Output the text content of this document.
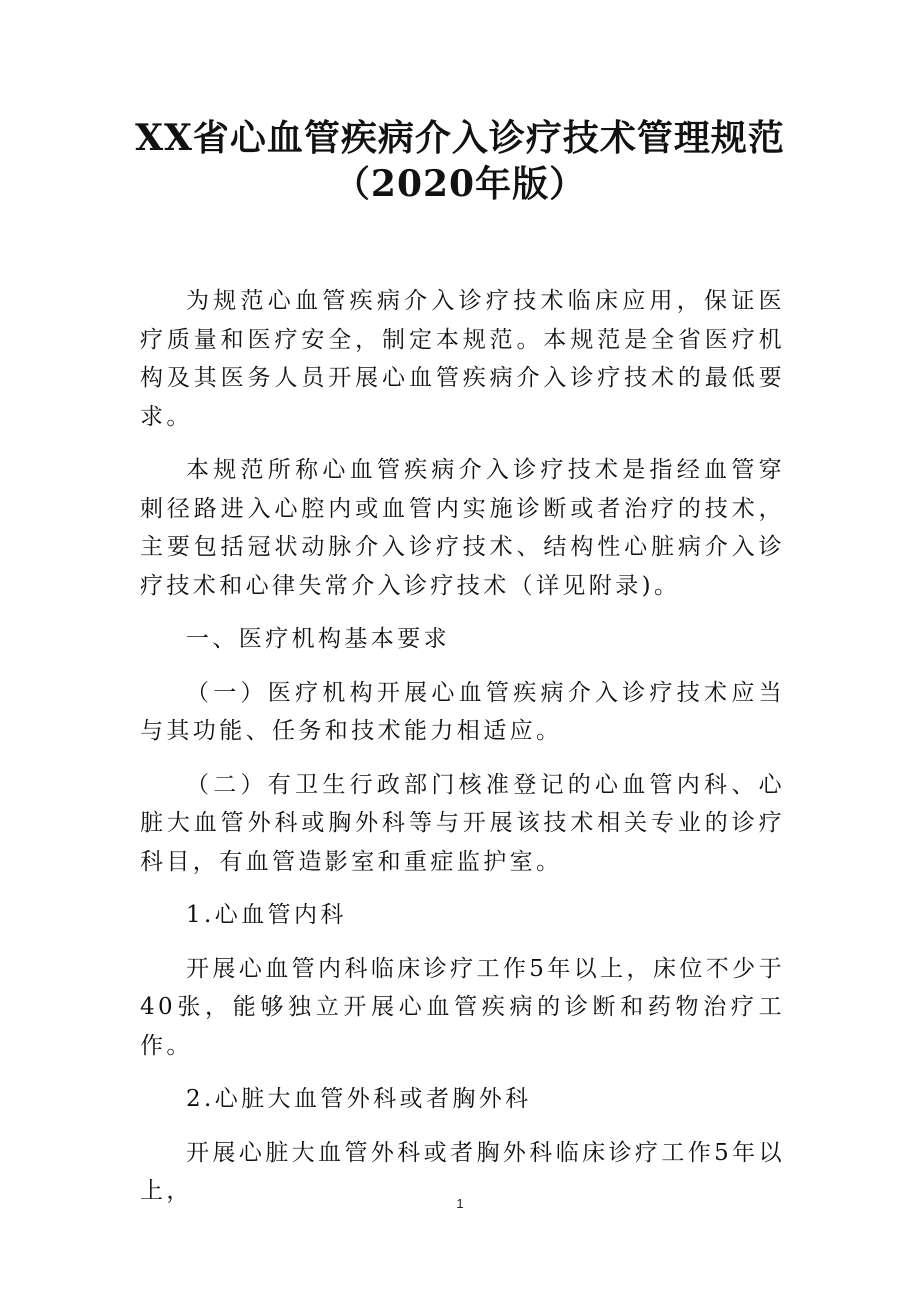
XX省心血管疾病介入诊疗技术管理规范
（2020年版）

为规范心血管疾病介入诊疗技术临床应用，保证医疗质量和医疗安全，制定本规范。本规范是全省医疗机构及其医务人员开展心血管疾病介入诊疗技术的最低要求。

本规范所称心血管疾病介入诊疗技术是指经血管穿刺径路进入心腔内或血管内实施诊断或者治疗的技术，主要包括冠状动脉介入诊疗技术、结构性心脏病介入诊疗技术和心律失常介入诊疗技术（详见附录)。

一、医疗机构基本要求

（一）医疗机构开展心血管疾病介入诊疗技术应当与其功能、任务和技术能力相适应。

（二）有卫生行政部门核准登记的心血管内科、心脏大血管外科或胸外科等与开展该技术相关专业的诊疗科目，有血管造影室和重症监护室。

1.心血管内科

开展心血管内科临床诊疗工作5年以上，床位不少于40张，能够独立开展心血管疾病的诊断和药物治疗工作。

2.心脏大血管外科或者胸外科

开展心脏大血管外科或者胸外科临床诊疗工作5年以上，	1
